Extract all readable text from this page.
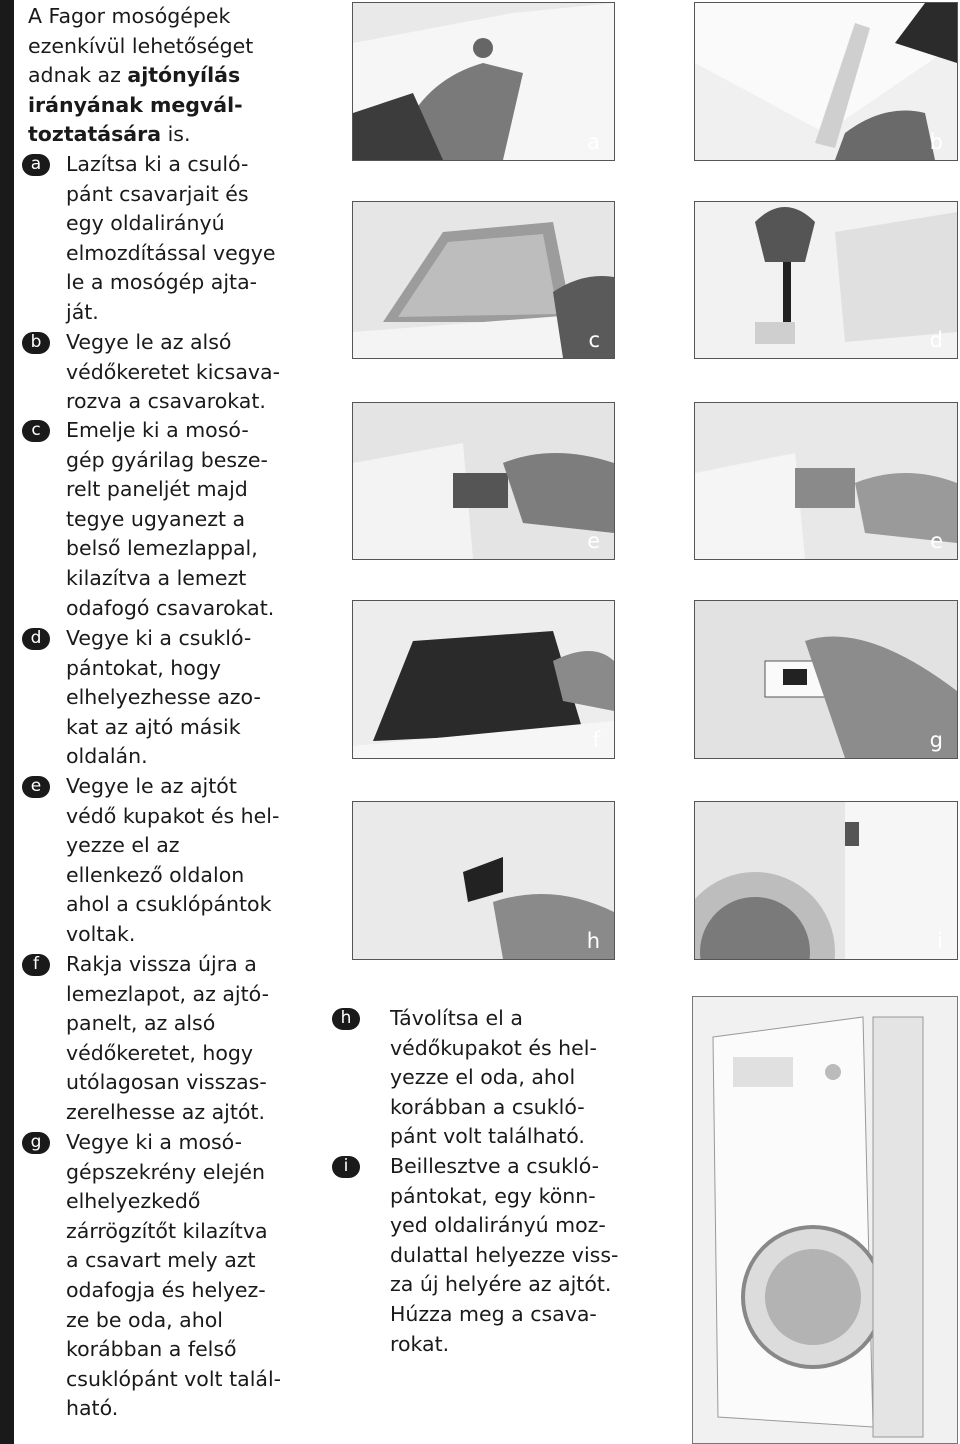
A Fagor mosógépek
ezenkívül lehetőséget
adnak az ajtónyílás
irányának megvál-
toztatására is.
a	Lazítsa ki a csuló-
pánt csavarjait és
egy oldalirányú
elmozdítással vegye
le a mosógép ajta-
ját.
b	Vegye le az alsó
védőkeretet kicsava-
rozva a csavarokat.
c	Emelje ki a mosó-
gép gyárilag besze-
relt paneljét majd
tegye ugyanezt a
belső lemezlappal,
kilazítva a lemezt
odafogó csavarokat.
d	Vegye ki a csukló-
pántokat, hogy
elhelyezhesse azo-
kat az ajtó másik
oldalán.
e	Vegye le az ajtót
védő kupakot és hel-
yezze el az
ellenkező oldalon
ahol a csuklópántok
voltak.
f	Rakja vissza újra a
lemezlapot, az ajtó-
panelt, az alsó
védőkeretet, hogy
utólagosan visszas-
zerelhesse az ajtót.
g	Vegye ki a mosó-
gépszekrény elején
elhelyezkedő
zárrögzítőt kilazítva
a csavart mely azt
odafogja és helyez-
ze be oda, ahol
korábban a felső
csuklópánt volt talál-
ható.
h	Távolítsa el a
védőkupakot és hel-
yezze el oda, ahol
korábban a csukló-
pánt volt található.
i	Beillesztve a csukló-
pántokat, egy könn-
yed oldalirányú moz-
dulattal helyezze viss-
za új helyére az ajtót.
Húzza meg a csava-
rokat.
a	b
c	d
e	e
f	g
h	i
